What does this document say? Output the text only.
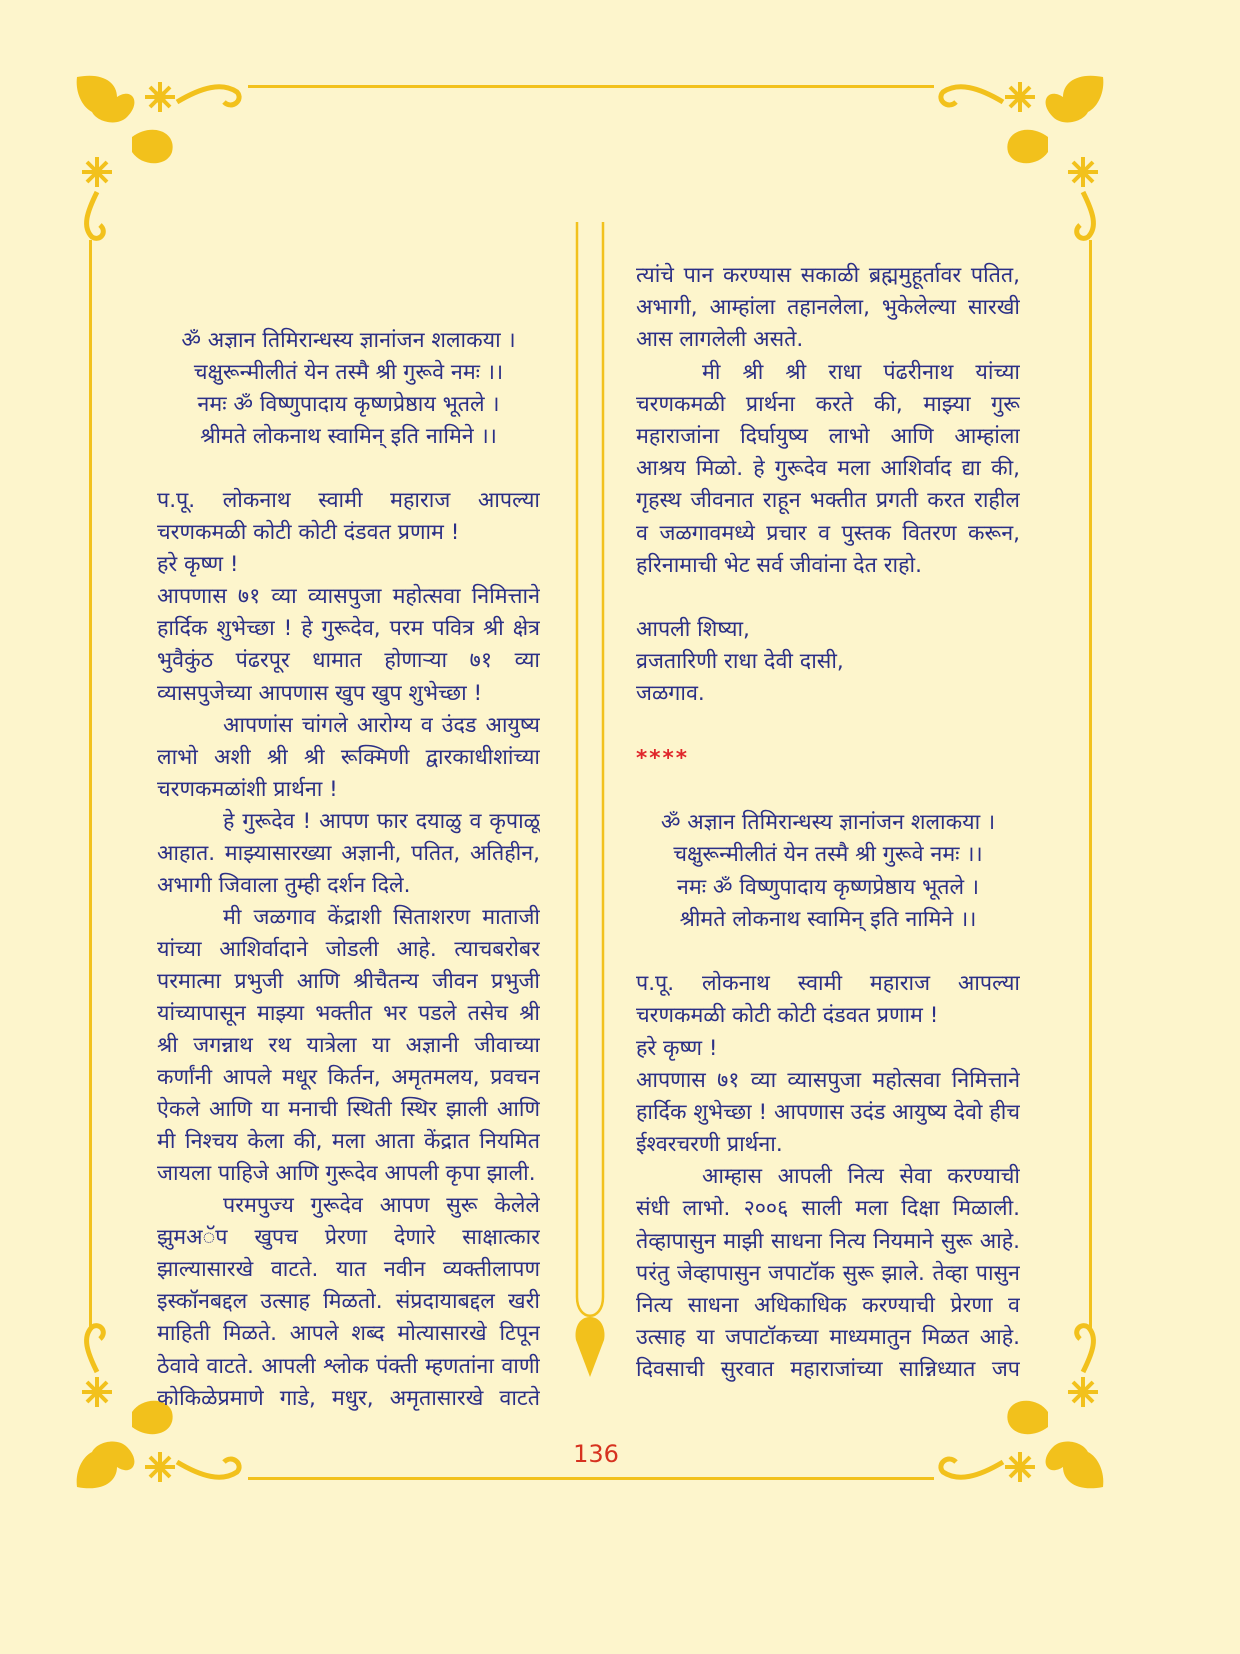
ॐ अज्ञान तिमिरान्धस्य ज्ञानांजन शलाकया ।
चक्षुरून्मीलीतं येन तस्मै श्री गुरूवे नमः ।।
नमः ॐ विष्णुपादाय कृष्णप्रेष्ठाय भूतले ।
श्रीमते लोकनाथ स्वामिन् इति नामिने ।।

प.पू. लोकनाथ स्वामी महाराज आपल्या
चरणकमळी कोटी कोटी दंडवत प्रणाम !
हरे कृष्ण !
आपणास ७१ व्या व्यासपुजा महोत्सवा निमित्ताने
हार्दिक शुभेच्छा ! हे गुरूदेव, परम पवित्र श्री क्षेत्र
भुवैकुंठ पंढरपूर धामात होणाऱ्या ७१ व्या
व्यासपुजेच्या आपणास खुप खुप शुभेच्छा !
आपणांस चांगले आरोग्य व उंदड आयुष्य
लाभो अशी श्री श्री रूक्मिणी द्वारकाधीशांच्या
चरणकमळांशी प्रार्थना !
हे गुरूदेव ! आपण फार दयाळु व कृपाळू
आहात. माझ्यासारख्या अज्ञानी, पतित, अतिहीन,
अभागी जिवाला तुम्ही दर्शन दिले.
मी जळगाव केंद्राशी सिताशरण माताजी
यांच्या आशिर्वादाने जोडली आहे. त्याचबरोबर
परमात्मा प्रभुजी आणि श्रीचैतन्य जीवन प्रभुजी
यांच्यापासून माझ्या भक्तीत भर पडले तसेच श्री
श्री जगन्नाथ रथ यात्रेला या अज्ञानी जीवाच्या
कर्णांनी आपले मधूर किर्तन, अमृतमलय, प्रवचन
ऐकले आणि या मनाची स्थिती स्थिर झाली आणि
मी निश्चय केला की, मला आता केंद्रात नियमित
जायला पाहिजे आणि गुरूदेव आपली कृपा झाली.
परमपुज्य गुरूदेव आपण सुरू केलेले
झुमअॅप खुपच प्रेरणा देणारे साक्षात्कार
झाल्यासारखे वाटते. यात नवीन व्यक्तीलापण
इस्कॉनबद्दल उत्साह मिळतो. संप्रदायाबद्दल खरी
माहिती मिळते. आपले शब्द मोत्यासारखे टिपून
ठेवावे वाटते. आपली श्लोक पंक्ती म्हणतांना वाणी
कोकिळेप्रमाणे गाडे, मधुर, अमृतासारखे वाटते
त्यांचे पान करण्यास सकाळी ब्रह्ममुहूर्तावर पतित,
अभागी, आम्हांला तहानलेला, भुकेलेल्या सारखी
आस लागलेली असते.
मी श्री श्री राधा पंढरीनाथ यांच्या
चरणकमळी प्रार्थना करते की, माझ्या गुरू
महाराजांना दिर्घायुष्य लाभो आणि आम्हांला
आश्रय मिळो. हे गुरूदेव मला आशिर्वाद द्या की,
गृहस्थ जीवनात राहून भक्तीत प्रगती करत राहील
व जळगावमध्ये प्रचार व पुस्तक वितरण करून,
हरिनामाची भेट सर्व जीवांना देत राहो.

आपली शिष्या,
व्रजतारिणी राधा देवी दासी,
जळगाव.

****

ॐ अज्ञान तिमिरान्धस्य ज्ञानांजन शलाकया ।
चक्षुरून्मीलीतं येन तस्मै श्री गुरूवे नमः ।।
नमः ॐ विष्णुपादाय कृष्णप्रेष्ठाय भूतले ।
श्रीमते लोकनाथ स्वामिन् इति नामिने ।।

प.पू. लोकनाथ स्वामी महाराज आपल्या
चरणकमळी कोटी कोटी दंडवत प्रणाम !
हरे कृष्ण !
आपणास ७१ व्या व्यासपुजा महोत्सवा निमित्ताने
हार्दिक शुभेच्छा ! आपणास उदंड आयुष्य देवो हीच
ईश्वरचरणी प्रार्थना.
आम्हास आपली नित्य सेवा करण्याची
संधी लाभो. २००६ साली मला दिक्षा मिळाली.
तेव्हापासुन माझी साधना नित्य नियमाने सुरू आहे.
परंतु जेव्हापासुन जपाटॉक सुरू झाले. तेव्हा पासुन
नित्य साधना अधिकाधिक करण्याची प्रेरणा व
उत्साह या जपाटॉकच्या माध्यमातुन मिळत आहे.
दिवसाची सुरवात महाराजांच्या सान्निध्यात जप
136
